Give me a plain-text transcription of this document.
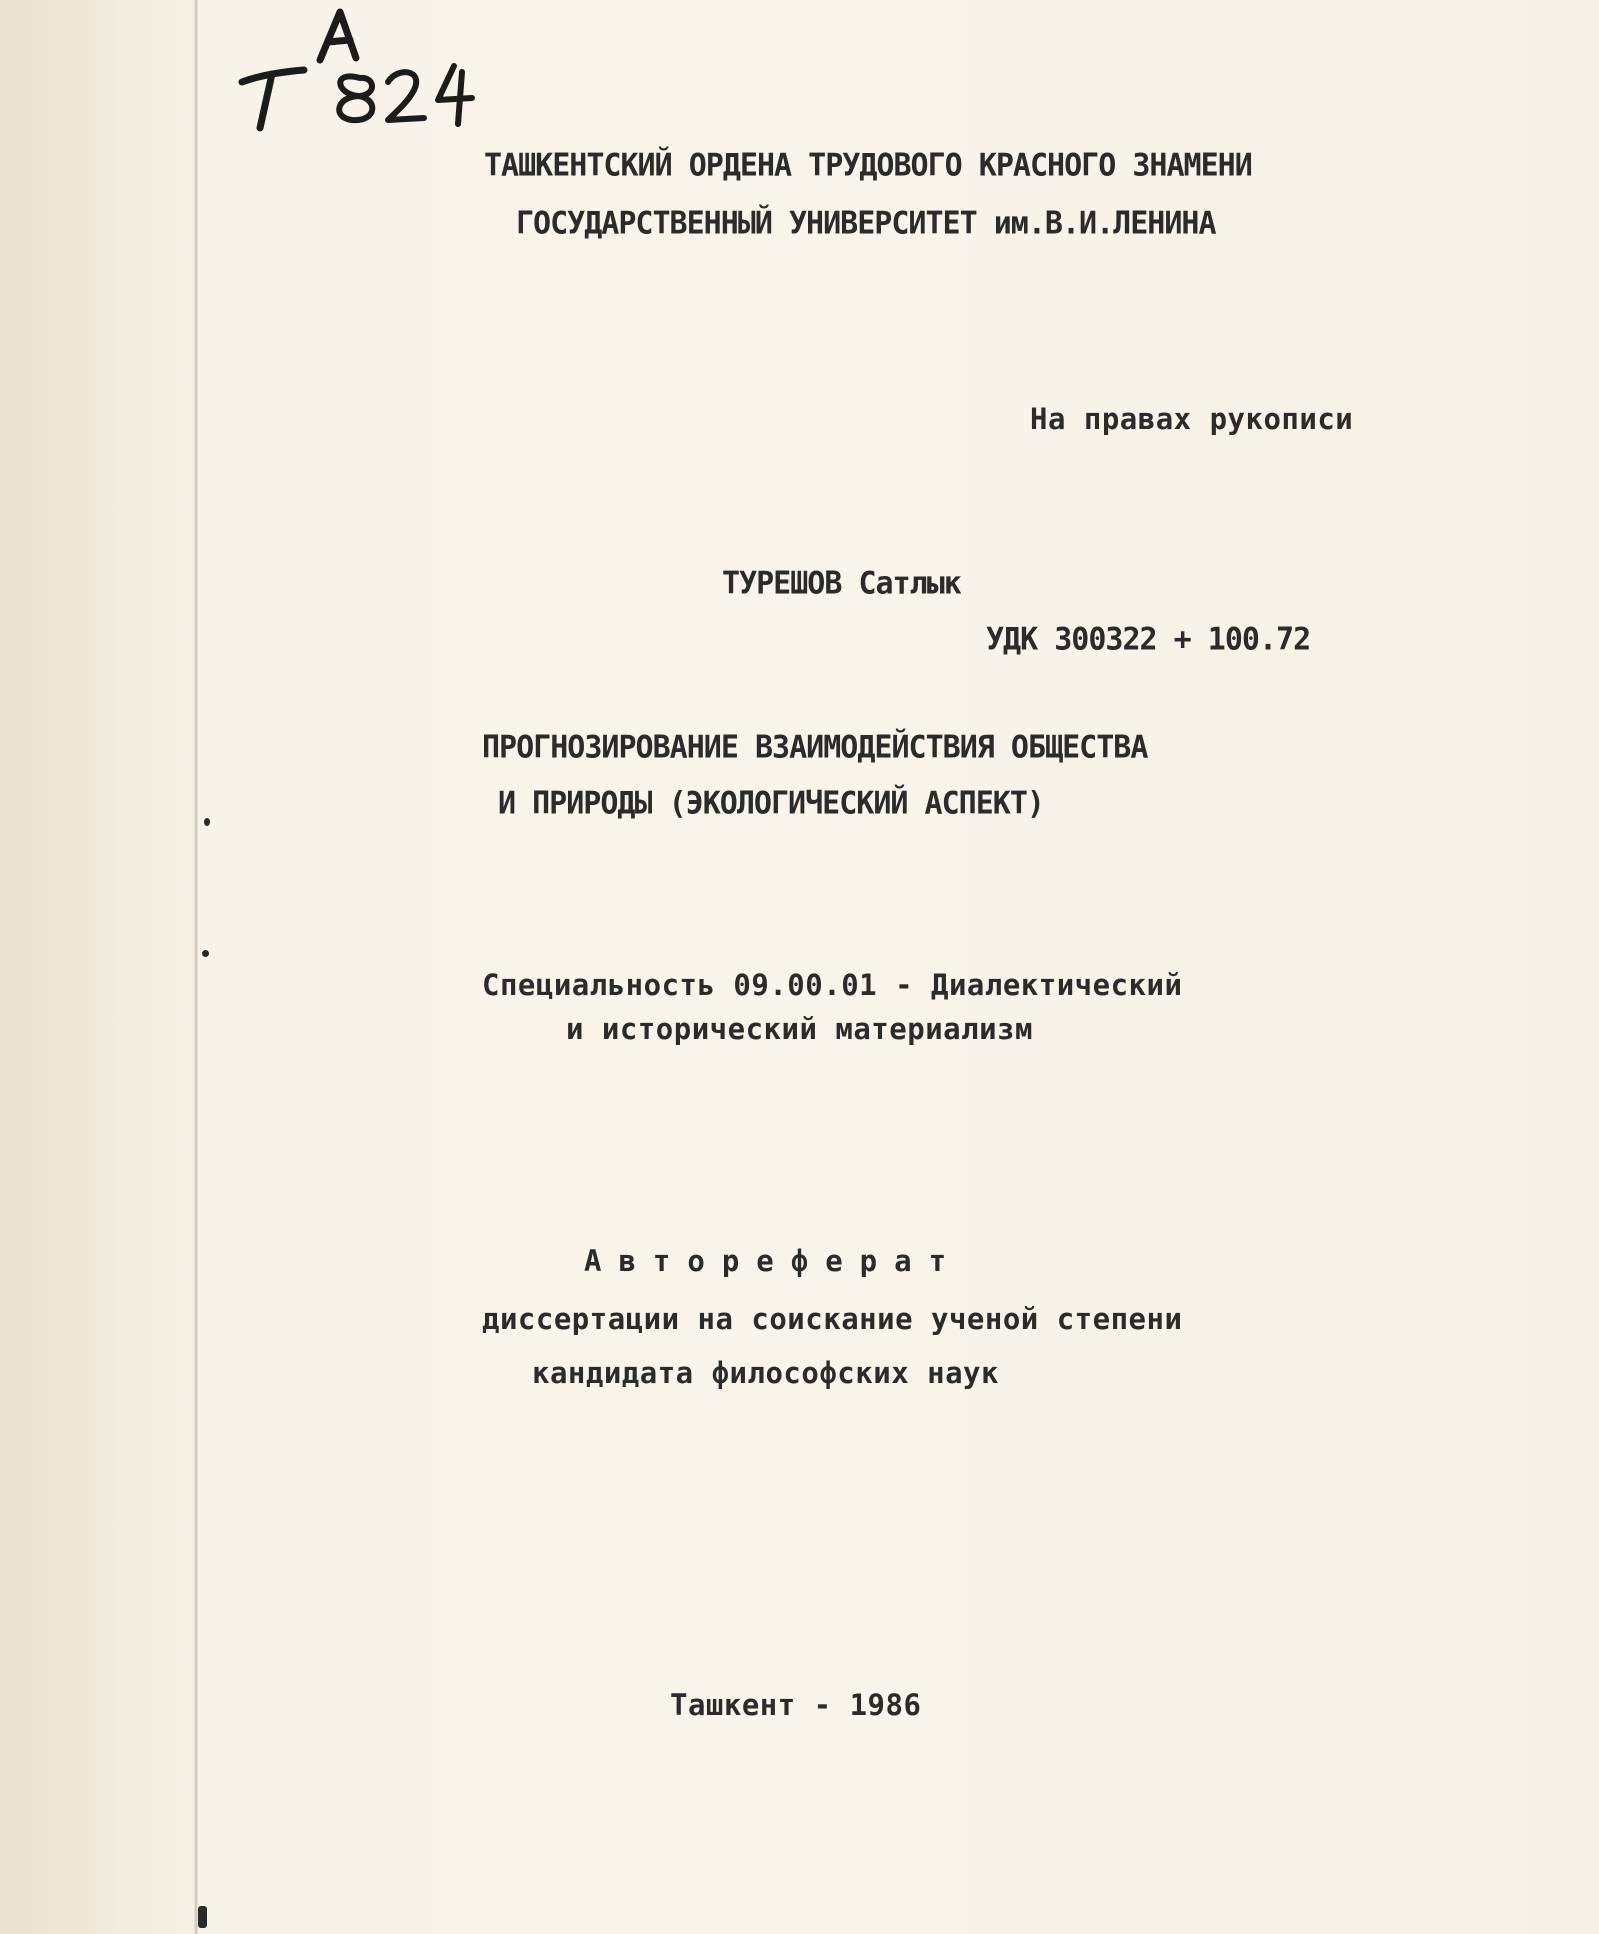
ТАШКЕНТСКИЙ ОРДЕНА ТРУДОВОГО КРАСНОГО ЗНАМЕНИ

ГОСУДАРСТВЕННЫЙ УНИВЕРСИТЕТ им.В.И.ЛЕНИНА

На правах рукописи

ТУРЕШОВ Сатлык

УДК 300322 + 100.72

ПРОГНОЗИРОВАНИЕ ВЗАИМОДЕЙСТВИЯ ОБЩЕСТВА

И ПРИРОДЫ (ЭКОЛОГИЧЕСКИЙ АСПЕКТ)

Специальность 09.00.01 - Диалектический

и исторический материализм

Автореферат

диссертации на соискание ученой степени

кандидата философских наук

Ташкент - 1986
